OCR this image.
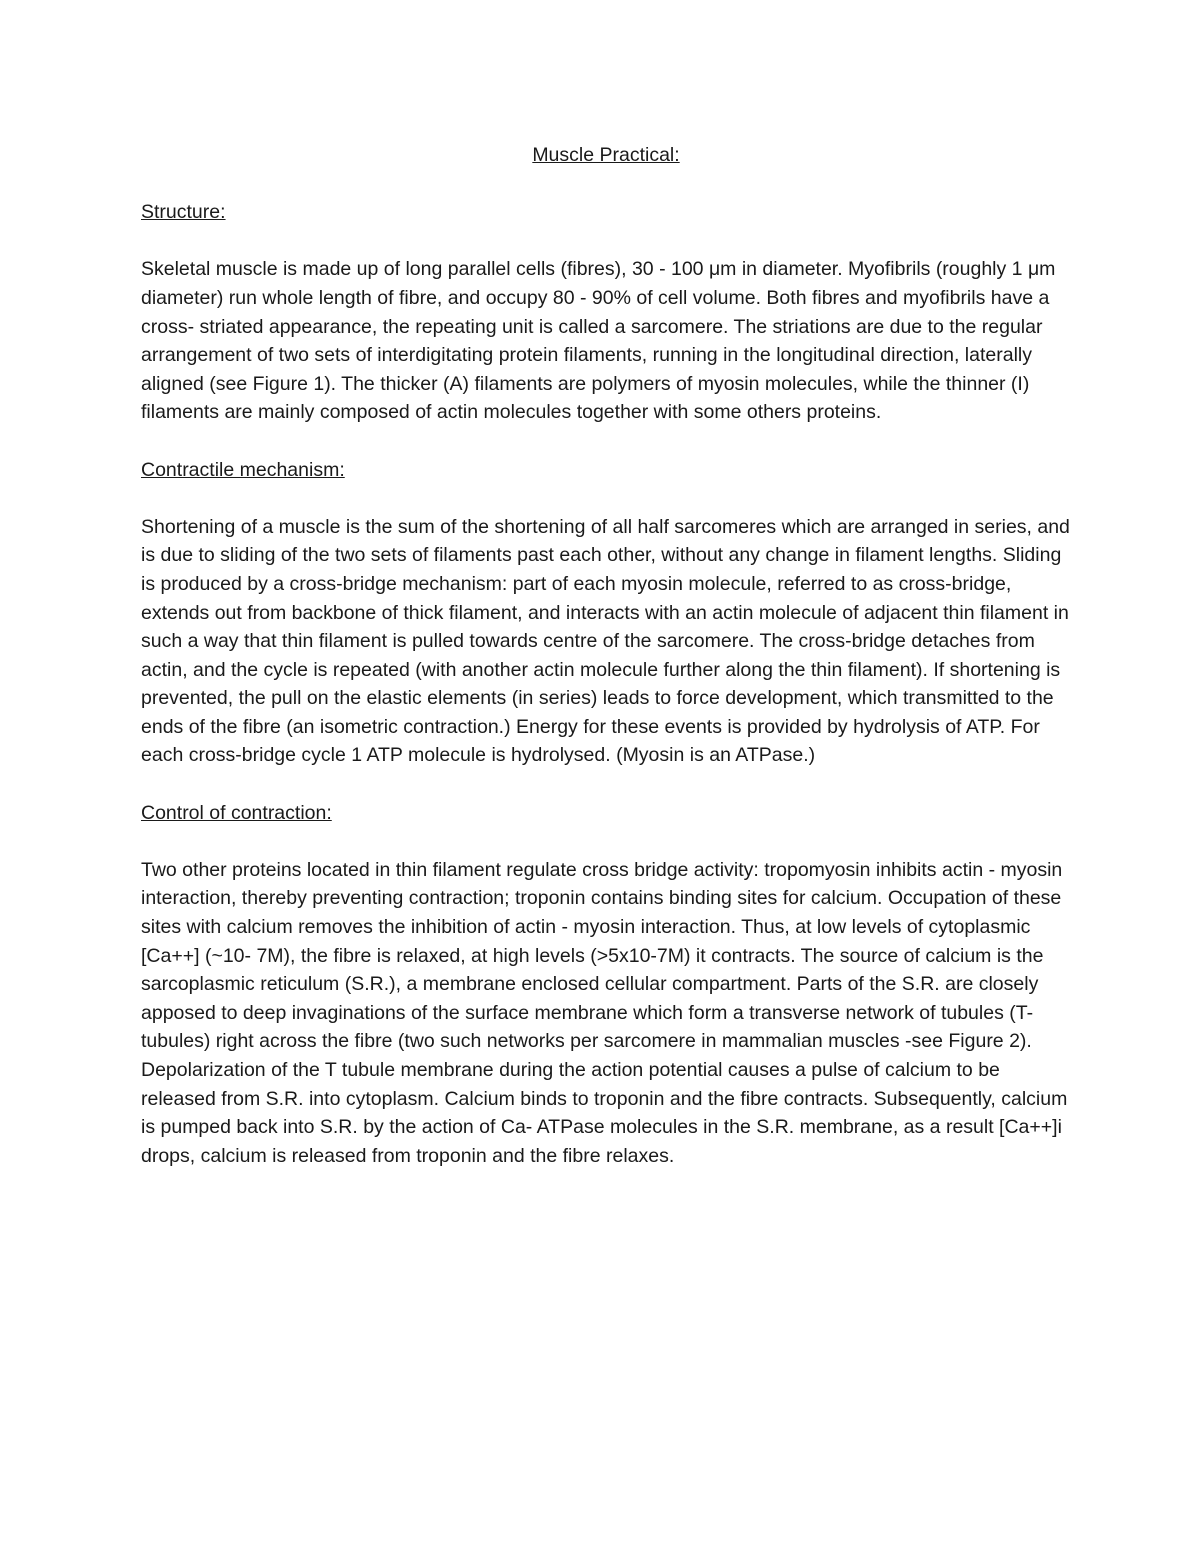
Muscle Practical:

Structure:

Skeletal muscle is made up of long parallel cells (fibres), 30 - 100 μm in diameter. Myofibrils (roughly 1 μm diameter) run whole length of fibre, and occupy 80 - 90% of cell volume. Both fibres and myofibrils have a cross- striated appearance, the repeating unit is called a sarcomere. The striations are due to the regular arrangement of two sets of interdigitating protein filaments, running in the longitudinal direction, laterally aligned (see Figure 1). The thicker (A) filaments are polymers of myosin molecules, while the thinner (I) filaments are mainly composed of actin molecules together with some others proteins.

Contractile mechanism:

Shortening of a muscle is the sum of the shortening of all half sarcomeres which are arranged in series, and is due to sliding of the two sets of filaments past each other, without any change in filament lengths. Sliding is produced by a cross-bridge mechanism: part of each myosin molecule, referred to as cross-bridge, extends out from backbone of thick filament, and interacts with an actin molecule of adjacent thin filament in such a way that thin filament is pulled towards centre of the sarcomere. The cross-bridge detaches from actin, and the cycle is repeated (with another actin molecule further along the thin filament). If shortening is prevented, the pull on the elastic elements (in series) leads to force development, which transmitted to the ends of the fibre (an isometric contraction.) Energy for these events is provided by hydrolysis of ATP. For each cross-bridge cycle 1 ATP molecule is hydrolysed. (Myosin is an ATPase.)

Control of contraction:

Two other proteins located in thin filament regulate cross bridge activity: tropomyosin inhibits actin - myosin interaction, thereby preventing contraction; troponin contains binding sites for calcium. Occupation of these sites with calcium removes the inhibition of actin - myosin interaction. Thus, at low levels of cytoplasmic [Ca++] (~10- 7M), the fibre is relaxed, at high levels (>5x10-7M) it contracts. The source of calcium is the sarcoplasmic reticulum (S.R.), a membrane enclosed cellular compartment. Parts of the S.R. are closely apposed to deep invaginations of the surface membrane which form a transverse network of tubules (T-tubules) right across the fibre (two such networks per sarcomere in mammalian muscles -see Figure 2). Depolarization of the T tubule membrane during the action potential causes a pulse of calcium to be released from S.R. into cytoplasm. Calcium binds to troponin and the fibre contracts. Subsequently, calcium is pumped back into S.R. by the action of Ca- ATPase molecules in the S.R. membrane, as a result [Ca++]i drops, calcium is released from troponin and the fibre relaxes.
